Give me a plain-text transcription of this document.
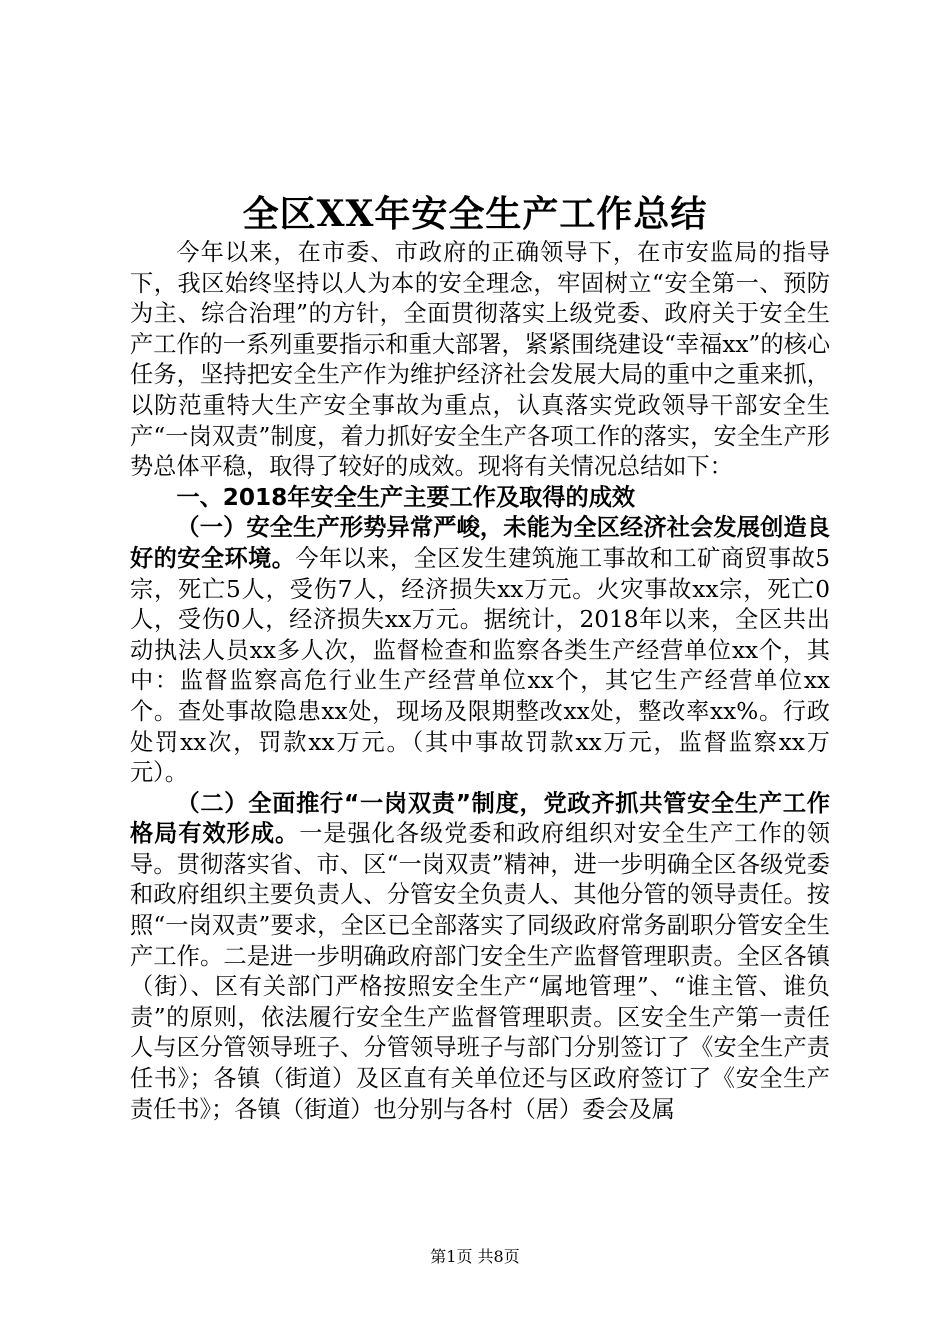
全区XX年安全生产工作总结

今年以来，在市委、市政府的正确领导下，在市安监局的指导下，我区始终坚持以人为本的安全理念，牢固树立“安全第一、预防为主、综合治理”的方针，全面贯彻落实上级党委、政府关于安全生产工作的一系列重要指示和重大部署，紧紧围绕建设“幸福xx”的核心任务，坚持把安全生产作为维护经济社会发展大局的重中之重来抓，以防范重特大生产安全事故为重点，认真落实党政领导干部安全生产“一岗双责”制度，着力抓好安全生产各项工作的落实，安全生产形势总体平稳，取得了较好的成效。现将有关情况总结如下：

一、2018年安全生产主要工作及取得的成效

（一）安全生产形势异常严峻，未能为全区经济社会发展创造良好的安全环境。今年以来，全区发生建筑施工事故和工矿商贸事故5宗，死亡5人，受伤7人，经济损失xx万元。火灾事故xx宗，死亡0人，受伤0人，经济损失xx万元。据统计，2018年以来，全区共出动执法人员xx多人次，监督检查和监察各类生产经营单位xx个，其中：监督监察高危行业生产经营单位xx个，其它生产经营单位xx个。查处事故隐患xx处，现场及限期整改xx处，整改率xx%。行政处罚xx次，罚款xx万元。（其中事故罚款xx万元，监督监察xx万元）。

（二）全面推行“一岗双责”制度，党政齐抓共管安全生产工作格局有效形成。一是强化各级党委和政府组织对安全生产工作的领导。贯彻落实省、市、区“一岗双责”精神，进一步明确全区各级党委和政府组织主要负责人、分管安全负责人、其他分管的领导责任。按照“一岗双责”要求，全区已全部落实了同级政府常务副职分管安全生产工作。二是进一步明确政府部门安全生产监督管理职责。全区各镇（街）、区有关部门严格按照安全生产“属地管理”、“谁主管、谁负责”的原则，依法履行安全生产监督管理职责。区安全生产第一责任人与区分管领导班子、分管领导班子与部门分别签订了《安全生产责任书》；各镇（街道）及区直有关单位还与区政府签订了《安全生产责任书》；各镇（街道）也分别与各村（居）委会及属

第1页 共8页
